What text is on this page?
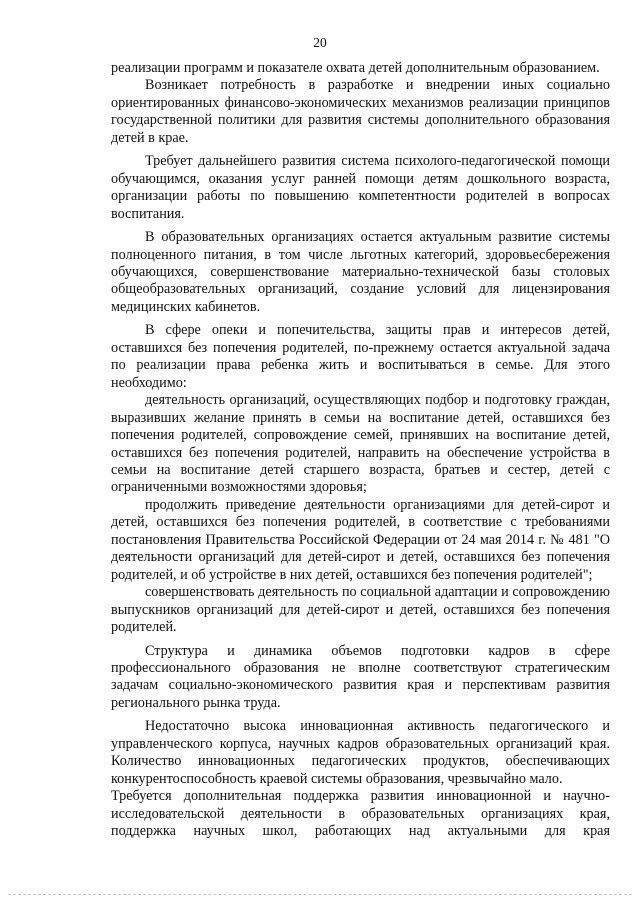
20

реализации программ и показателе охвата детей дополнительным образованием.

Возникает потребность в разработке и внедрении иных социально ориентированных финансово-экономических механизмов реализации принципов государственной политики для развития системы дополнительного образования детей в крае.

Требует дальнейшего развития система психолого-педагогической помощи обучающимся, оказания услуг ранней помощи детям дошкольного возраста, организации работы по повышению компетентности родителей в вопросах воспитания.

В образовательных организациях остается актуальным развитие системы полноценного питания, в том числе льготных категорий, здоровьесбережения обучающихся, совершенствование материально-технической базы столовых общеобразовательных организаций, создание условий для лицензирования медицинских кабинетов.

В сфере опеки и попечительства, защиты прав и интересов детей, оставшихся без попечения родителей, по-прежнему остается актуальной задача по реализации права ребенка жить и воспитываться в семье. Для этого необходимо:

деятельность организаций, осуществляющих подбор и подготовку граждан, выразивших желание принять в семьи на воспитание детей, оставшихся без попечения родителей, сопровождение семей, принявших на воспитание детей, оставшихся без попечения родителей, направить на обеспечение устройства в семьи на воспитание детей старшего возраста, братьев и сестер, детей с ограниченными возможностями здоровья;

продолжить приведение деятельности организациями для детей-сирот и детей, оставшихся без попечения родителей, в соответствие с требованиями постановления Правительства Российской Федерации от 24 мая 2014 г. № 481 "О деятельности организаций для детей-сирот и детей, оставшихся без попечения родителей, и об устройстве в них детей, оставшихся без попечения родителей";

совершенствовать деятельность по социальной адаптации и сопровождению выпускников организаций для детей-сирот и детей, оставшихся без попечения родителей.

Структура и динамика объемов подготовки кадров в сфере профессионального образования не вполне соответствуют стратегическим задачам социально-экономического развития края и перспективам развития регионального рынка труда.

Недостаточно высока инновационная активность педагогического и управленческого корпуса, научных кадров образовательных организаций края. Количество инновационных педагогических продуктов, обеспечивающих конкурентоспособность краевой системы образования, чрезвычайно мало.

Требуется дополнительная поддержка развития инновационной и научно-исследовательской деятельности в образовательных организациях края, поддержка научных школ, работающих над актуальными для края
